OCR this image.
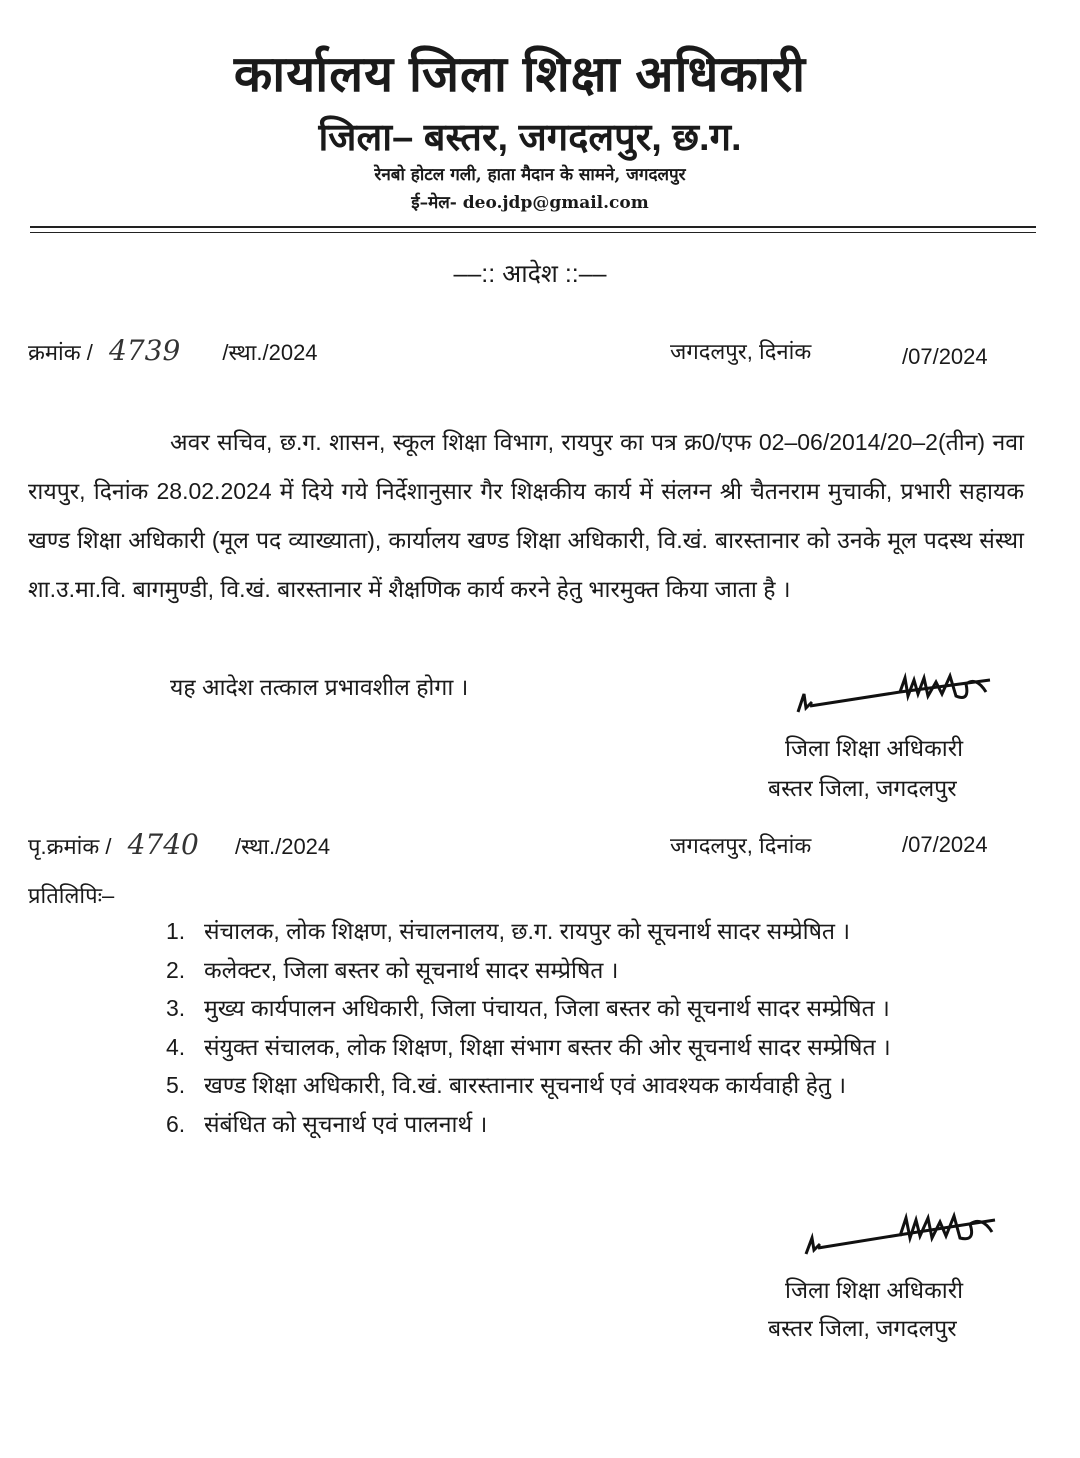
कार्यालय जिला शिक्षा अधिकारी
जिला– बस्तर, जगदलपुर, छ.ग.
रेनबो होटल गली, हाता मैदान के सामने, जगदलपुर
ई–मेल- deo.jdp@gmail.com
––:: आदेश ::––
क्रमांक / 4739 /स्था./2024	जगदलपुर, दिनांक	/07/2024
अवर सचिव, छ.ग. शासन, स्कूल शिक्षा विभाग, रायपुर का पत्र क्र0/एफ 02–06/2014/20–2(तीन) नवा रायपुर, दिनांक 28.02.2024 में दिये गये निर्देशानुसार गैर शिक्षकीय कार्य में संलग्न श्री चैतनराम मुचाकी, प्रभारी सहायक खण्ड शिक्षा अधिकारी (मूल पद व्याख्याता), कार्यालय खण्ड शिक्षा अधिकारी, वि.खं. बारस्तानार को उनके मूल पदस्थ संस्था शा.उ.मा.वि. बागमुण्डी, वि.खं. बारस्तानार में शैक्षणिक कार्य करने हेतु भारमुक्त किया जाता है ।
यह आदेश तत्काल प्रभावशील होगा ।
जिला शिक्षा अधिकारी
बस्तर जिला, जगदलपुर
पृ.क्रमांक / 4740 /स्था./2024	जगदलपुर, दिनांक	/07/2024
प्रतिलिपिः–
1. संचालक, लोक शिक्षण, संचालनालय, छ.ग. रायपुर को सूचनार्थ सादर सम्प्रेषित ।
2. कलेक्टर, जिला बस्तर को सूचनार्थ सादर सम्प्रेषित ।
3. मुख्य कार्यपालन अधिकारी, जिला पंचायत, जिला बस्तर को सूचनार्थ सादर सम्प्रेषित ।
4. संयुक्त संचालक, लोक शिक्षण, शिक्षा संभाग बस्तर की ओर सूचनार्थ सादर सम्प्रेषित ।
5. खण्ड शिक्षा अधिकारी, वि.खं. बारस्तानार सूचनार्थ एवं आवश्यक कार्यवाही हेतु ।
6. संबंधित को सूचनार्थ एवं पालनार्थ ।
जिला शिक्षा अधिकारी
बस्तर जिला, जगदलपुर
